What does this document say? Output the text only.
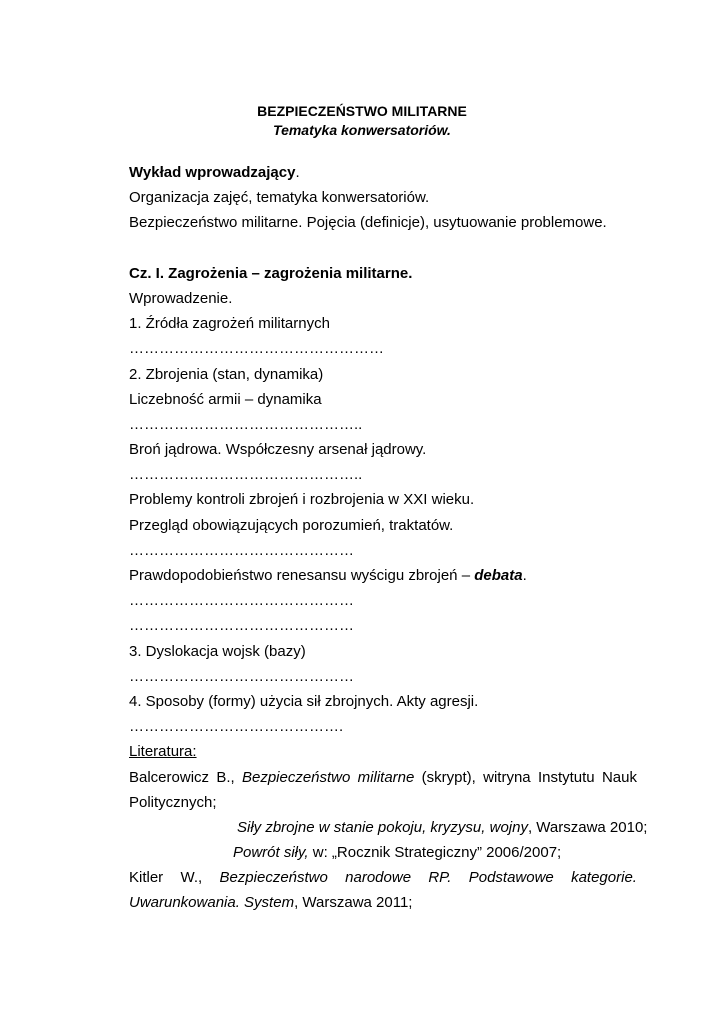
BEZPIECZEŃSTWO MILITARNE
Tematyka konwersatoriów.
Wykład wprowadzający.
Organizacja zajęć, tematyka konwersatoriów.
Bezpieczeństwo militarne. Pojęcia (definicje), usytuowanie problemowe.
Cz. I. Zagrożenia – zagrożenia militarne.
Wprowadzenie.
1. Źródła zagrożeń militarnych
……………………………………………
2. Zbrojenia (stan, dynamika)
Liczebność armii – dynamika
………………………………………..
Broń jądrowa. Współczesny arsenał jądrowy.
………………………………………..
Problemy kontroli zbrojeń i rozbrojenia w XXI wieku.
Przegląd obowiązujących porozumień, traktatów.
………………………………………
Prawdopodobieństwo renesansu wyścigu zbrojeń – debata.
………………………………………
………………………………………
3. Dyslokacja wojsk (bazy)
………………………………………
4. Sposoby (formy) użycia sił zbrojnych. Akty agresji.
…………………………………….
Literatura:
Balcerowicz B., Bezpieczeństwo militarne (skrypt), witryna Instytutu Nauk
Politycznych;
Siły zbrojne w stanie pokoju, kryzysu, wojny, Warszawa 2010;
Powrót siły, w: „Rocznik Strategiczny” 2006/2007;
Kitler W., Bezpieczeństwo narodowe RP. Podstawowe kategorie.
Uwarunkowania. System, Warszawa 2011;
